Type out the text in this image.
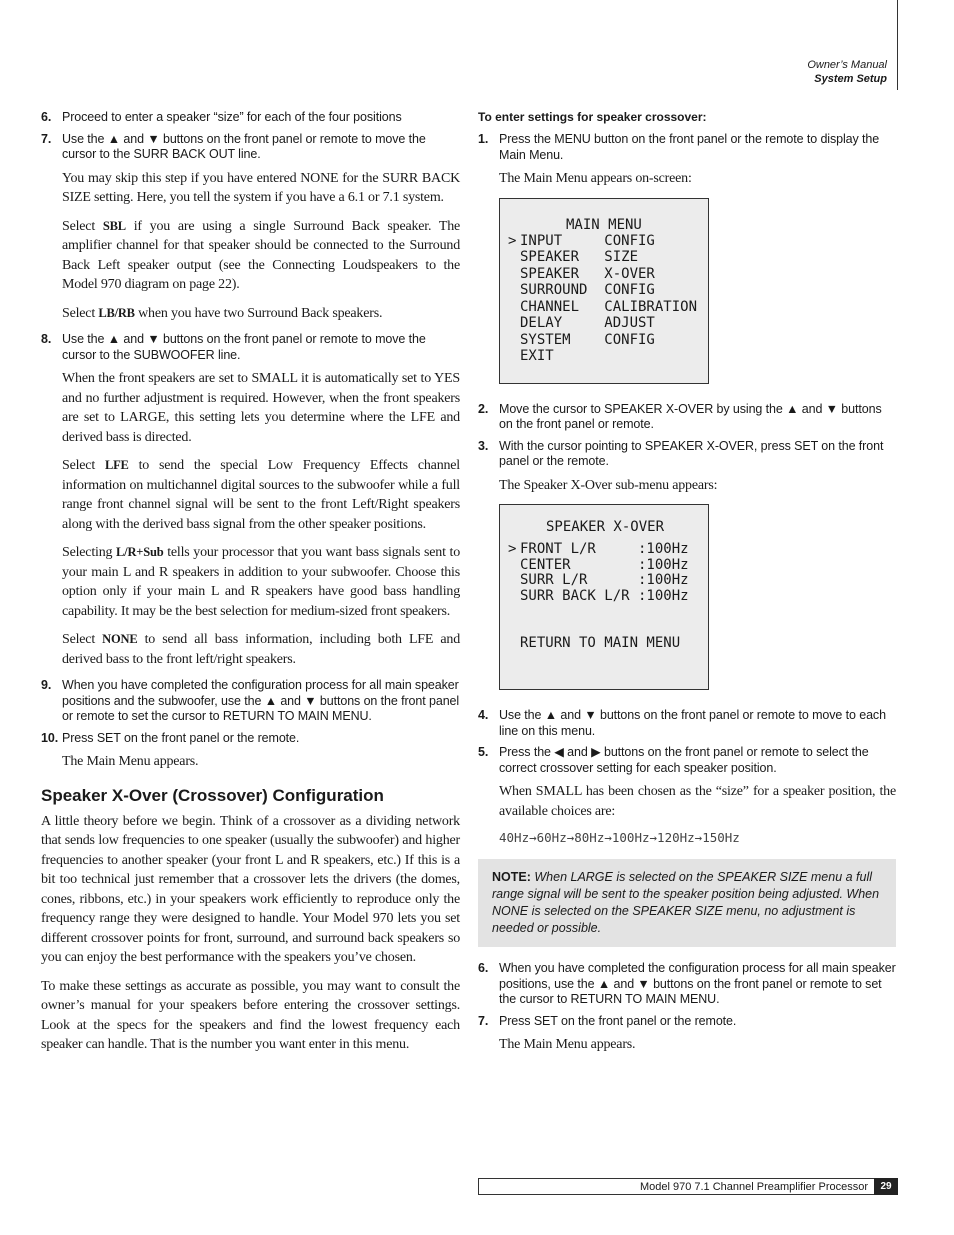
Owner’s Manual
System Setup
6. Proceed to enter a speaker “size” for each of the four positions
7. Use the ▲ and ▼ buttons on the front panel or remote to move the cursor to the SURR BACK OUT line.

You may skip this step if you have entered NONE for the SURR BACK SIZE setting. Here, you tell the system if you have a 6.1 or 7.1 system.

Select SBL if you are using a single Surround Back speaker. The amplifier channel for that speaker should be connected to the Surround Back Left speaker output (see the Connecting Loudspeakers to the Model 970 diagram on page 22).

Select LB/RB when you have two Surround Back speakers.

8. Use the ▲ and ▼ buttons on the front panel or remote to move the cursor to the SUBWOOFER line.

When the front speakers are set to SMALL it is automatically set to YES and no further adjustment is required. However, when the front speakers are set to LARGE, this setting lets you determine where the LFE and derived bass is directed.

Select LFE to send the special Low Frequency Effects channel information on multichannel digital sources to the subwoofer while a full range front channel signal will be sent to the front Left/Right speakers along with the derived bass signal from the other speaker positions.

Selecting L/R+Sub tells your processor that you want bass signals sent to your main L and R speakers in addition to your subwoofer. Choose this option only if your main L and R speakers have good bass handling capability. It may be the best selection for medium-sized front speakers.

Select NONE to send all bass information, including both LFE and derived bass to the front left/right speakers.

9. When you have completed the configuration process for all main speaker positions and the subwoofer, use the ▲ and ▼ buttons on the front panel or remote to set the cursor to RETURN TO MAIN MENU.
10. Press SET on the front panel or the remote.

The Main Menu appears.

Speaker X-Over (Crossover) Configuration

A little theory before we begin. Think of a crossover as a dividing network that sends low frequencies to one speaker (usually the subwoofer) and higher frequencies to another speaker (your front L and R speakers, etc.) If this is a bit too technical just remember that a crossover lets the drivers (the domes, cones, ribbons, etc.) in your speakers work efficiently to reproduce only the frequency range they were designed to handle. Your Model 970 lets you set different crossover points for front, surround, and surround back speakers so you can enjoy the best performance with the speakers you’ve chosen.

To make these settings as accurate as possible, you may want to consult the owner’s manual for your speakers before entering the crossover settings. Look at the specs for the speakers and find the lowest frequency each speaker can handle. That is the number you want enter in this menu.

To enter settings for speaker crossover:
1. Press the MENU button on the front panel or the remote to display the Main Menu.

The Main Menu appears on-screen:

MAIN MENU

>

INPUT     CONFIG

SPEAKER   SIZE

SPEAKER   X-OVER

SURROUND  CONFIG

CHANNEL   CALIBRATION

DELAY     ADJUST

SYSTEM    CONFIG

EXIT

2. Move the cursor to SPEAKER X-OVER by using the ▲ and ▼ buttons on the front panel or remote.
3. With the cursor pointing to SPEAKER X-OVER, press SET on the front panel or the remote.

The Speaker X-Over sub-menu appears:

SPEAKER X-OVER

>

FRONT L/R     :100Hz

CENTER        :100Hz

SURR L/R      :100Hz

SURR BACK L/R :100Hz

RETURN TO MAIN MENU

4. Use the ▲ and ▼ buttons on the front panel or remote to move to each line on this menu.
5. Press the ◀ and ▶ buttons on the front panel or remote to select the correct crossover setting for each speaker position.

When SMALL has been chosen as the “size” for a speaker position, the available choices are:

40Hz→60Hz→80Hz→100Hz→120Hz→150Hz
NOTE: When LARGE is selected on the SPEAKER SIZE menu a full range signal will be sent to the speaker position being adjusted. When NONE is selected on the SPEAKER SIZE menu, no adjustment is needed or possible.
6. When you have completed the configuration process for all main speaker positions, use the ▲ and ▼ buttons on the front panel or remote to set the cursor to RETURN TO MAIN MENU.
7. Press SET on the front panel or the remote.

The Main Menu appears.

Model 970 7.1 Channel Preamplifier Processor	29
